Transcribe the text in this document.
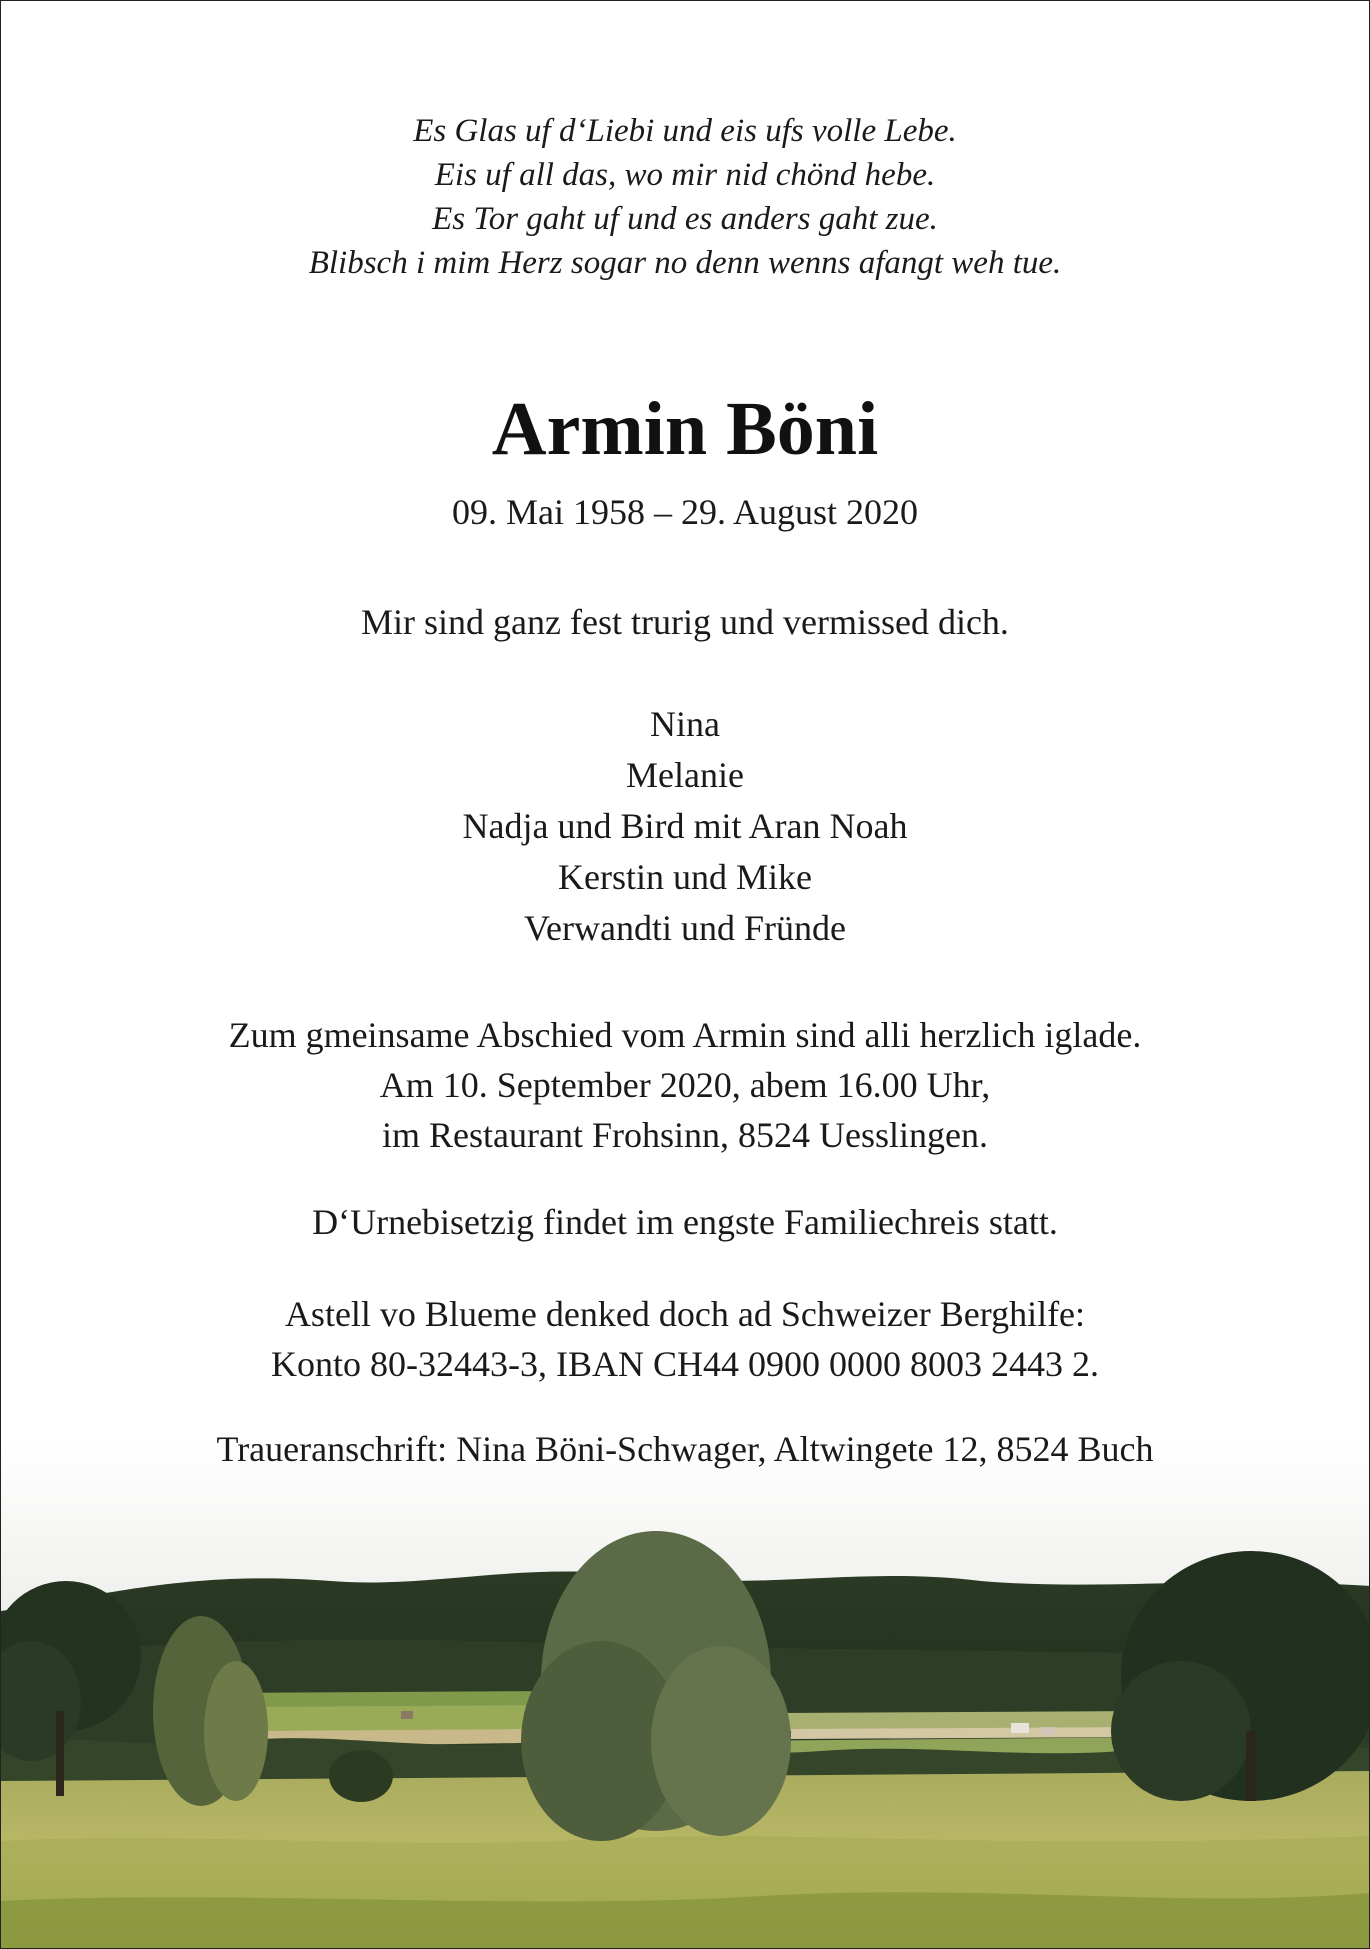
Es Glas uf d‘Liebi und eis ufs volle Lebe.
Eis uf all das, wo mir nid chönd hebe.
Es Tor gaht uf und es anders gaht zue.
Blibsch i mim Herz sogar no denn wenns afangt weh tue.
Armin Böni
09. Mai 1958 – 29. August 2020
Mir sind ganz fest trurig und vermissed dich.
Nina
Melanie
Nadja und Bird mit Aran Noah
Kerstin und Mike
Verwandti und Fründe
Zum gmeinsame Abschied vom Armin sind alli herzlich iglade.
Am 10. September 2020, abem 16.00 Uhr,
im Restaurant Frohsinn, 8524 Uesslingen.
D‘Urnebisetzig findet im engste Familiechreis statt.
Astell vo Blueme denked doch ad Schweizer Berghilfe:
Konto 80-32443-3, IBAN CH44 0900 0000 8003 2443 2.
Traueranschrift: Nina Böni-Schwager, Altwingete 12, 8524 Buch
